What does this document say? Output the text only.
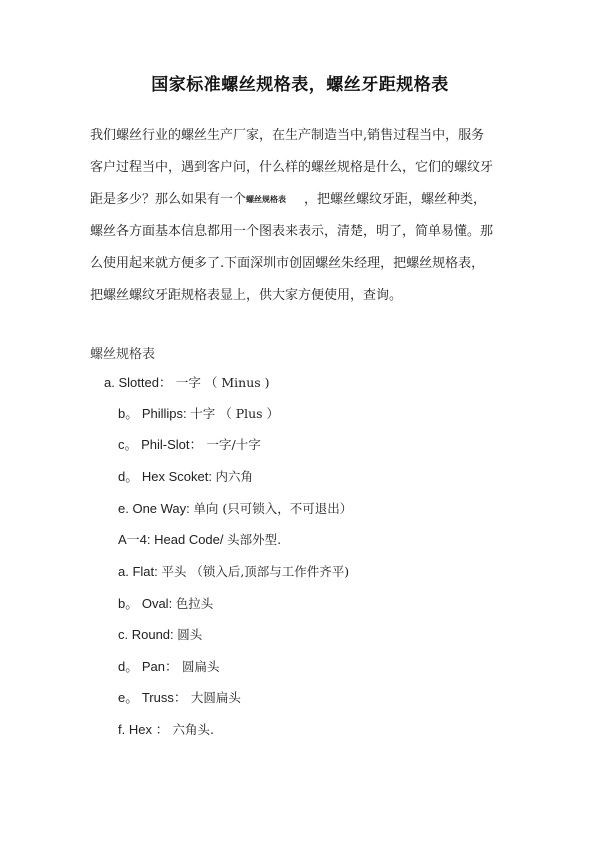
国家标准螺丝规格表，螺丝牙距规格表
我们螺丝行业的螺丝生产厂家，在生产制造当中,销售过程当中，服务
客户过程当中，遇到客户问，什么样的螺丝规格是什么，它们的螺纹牙
距是多少？那么如果有一个螺丝规格表 ，把螺丝螺纹牙距，螺丝种类，
螺丝各方面基本信息都用一个图表来表示，清楚，明了，简单易懂。那
么使用起来就方便多了.下面深圳市创固螺丝朱经理，把螺丝规格表，
把螺丝螺纹牙距规格表显上，供大家方便使用，查询。
螺丝规格表
a. Slotted： 一字 （ Minus )
b。 Phillips: 十字 （ Plus ）
c。 Phil-Slot： 一字/十字
d。 Hex Scoket: 内六角
e. One Way: 单向 (只可锁入，不可退出）
A一4: Head Code/ 头部外型.
a. Flat: 平头 （锁入后,顶部与工作件齐平)
b。 Oval: 色拉头
c. Round: 圆头
d。 Pan： 圆扁头
e。 Truss： 大圆扁头
f. Hex ： 六角头.
